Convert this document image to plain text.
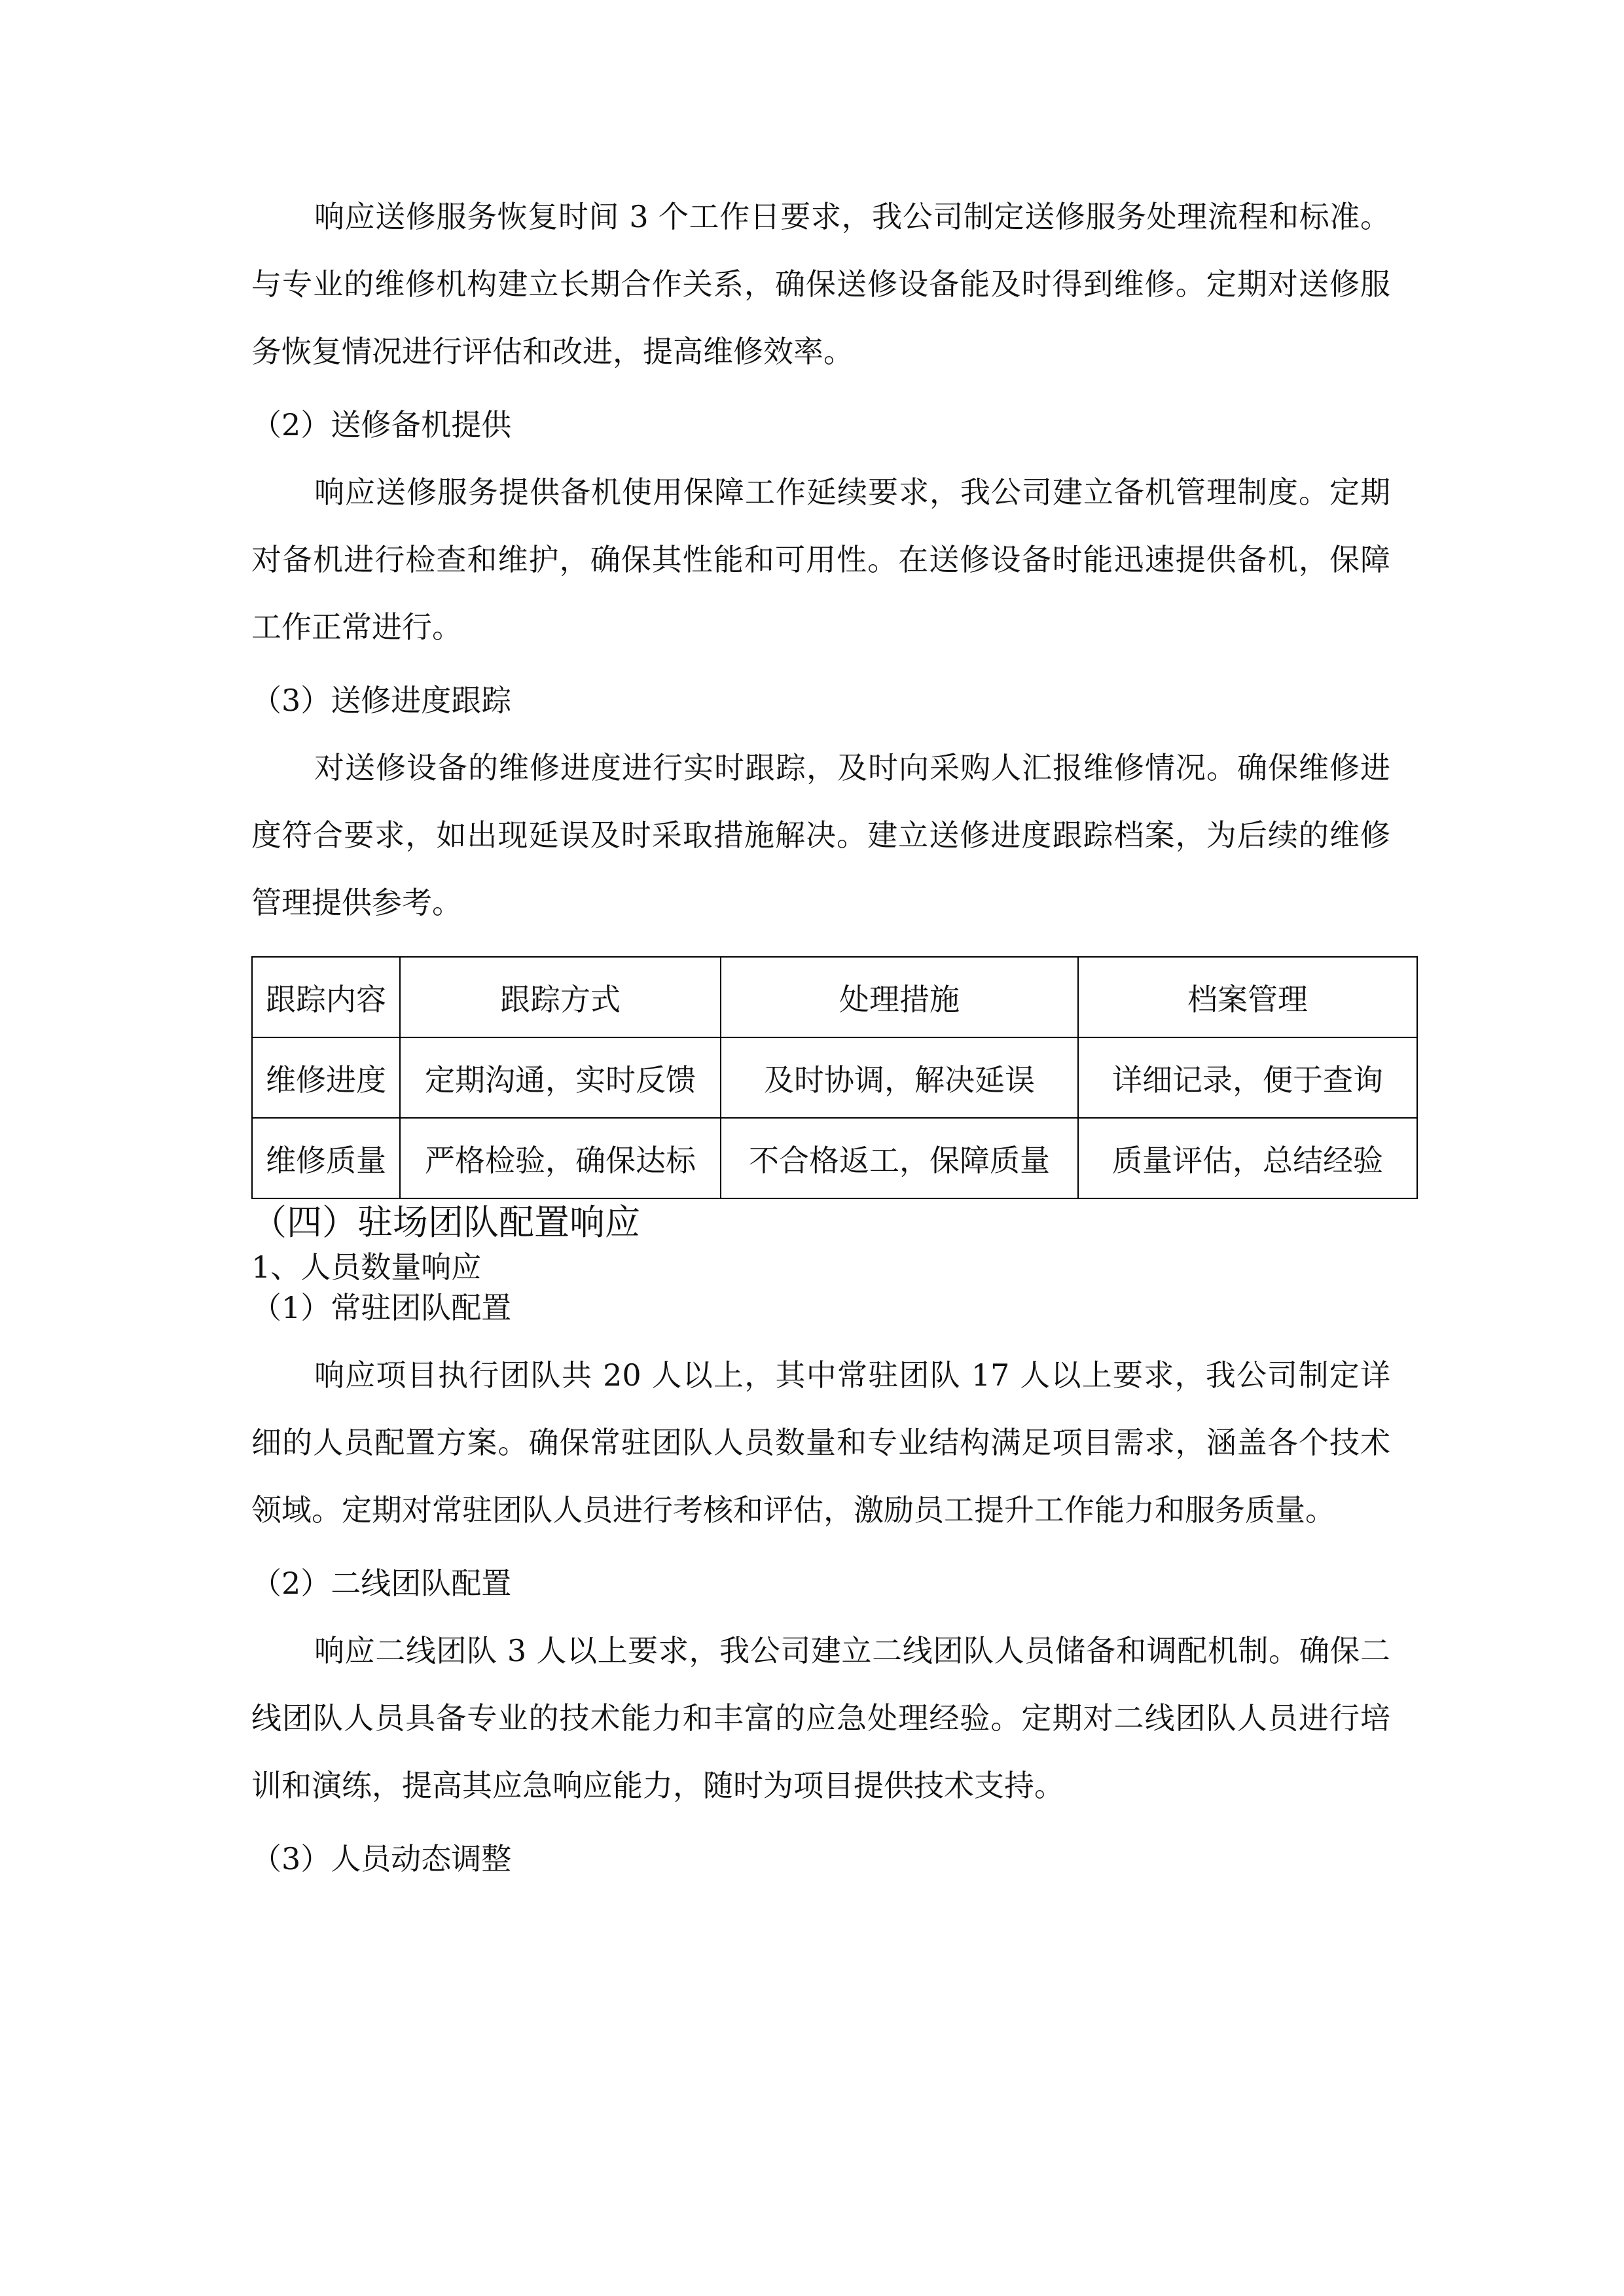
响应送修服务恢复时间 3 个工作日要求，我公司制定送修服务处理流程和标准。与专业的维修机构建立长期合作关系，确保送修设备能及时得到维修。定期对送修服务恢复情况进行评估和改进，提高维修效率。

（2）送修备机提供

响应送修服务提供备机使用保障工作延续要求，我公司建立备机管理制度。定期对备机进行检查和维护，确保其性能和可用性。在送修设备时能迅速提供备机，保障工作正常进行。

（3）送修进度跟踪

对送修设备的维修进度进行实时跟踪，及时向采购人汇报维修情况。确保维修进度符合要求，如出现延误及时采取措施解决。建立送修进度跟踪档案，为后续的维修管理提供参考。

跟踪内容	跟踪方式	处理措施	档案管理
维修进度	定期沟通，实时反馈	及时协调，解决延误	详细记录，便于查询
维修质量	严格检验，确保达标	不合格返工，保障质量	质量评估，总结经验

（四）驻场团队配置响应

1、人员数量响应

（1）常驻团队配置

响应项目执行团队共 20 人以上，其中常驻团队 17 人以上要求，我公司制定详细的人员配置方案。确保常驻团队人员数量和专业结构满足项目需求，涵盖各个技术领域。定期对常驻团队人员进行考核和评估，激励员工提升工作能力和服务质量。

（2）二线团队配置

响应二线团队 3 人以上要求，我公司建立二线团队人员储备和调配机制。确保二线团队人员具备专业的技术能力和丰富的应急处理经验。定期对二线团队人员进行培训和演练，提高其应急响应能力，随时为项目提供技术支持。

（3）人员动态调整
